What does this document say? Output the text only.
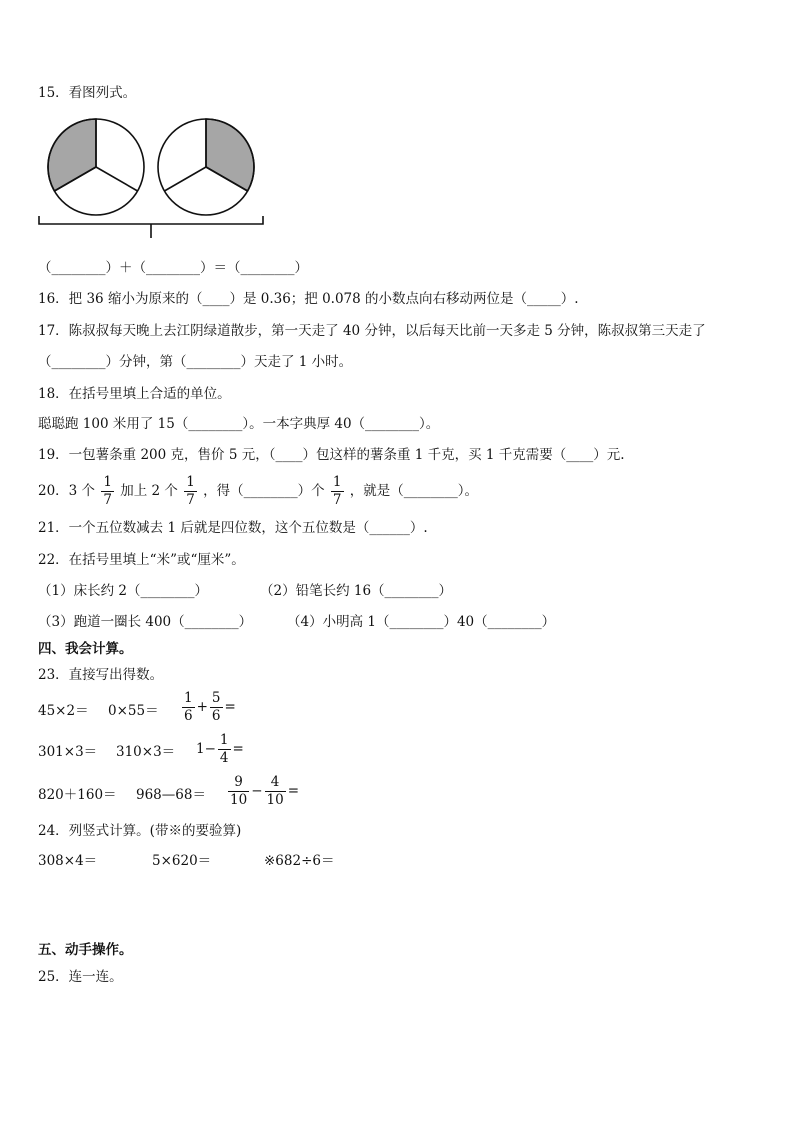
15．看图列式。
（________）＋（________）＝（________）
16．把 36 缩小为原来的（____）是 0.36；把 0.078 的小数点向右移动两位是（_____）.
17．陈叔叔每天晚上去江阴绿道散步，第一天走了 40 分钟，以后每天比前一天多走 5 分钟，陈叔叔第三天走了
（________）分钟，第（________）天走了 1 小时。
18．在括号里填上合适的单位。
聪聪跑 100 米用了 15（________）。一本字典厚 40（________）。
19．一包薯条重 200 克，售价 5 元，（____）包这样的薯条重 1 千克，买 1 千克需要（____）元.
20．3 个 $\frac{1}{7}$ 加上 2 个 $\frac{1}{7}$ ，得（________）个 $\frac{1}{7}$ ，就是（________）。
21．一个五位数减去 1 后就是四位数，这个五位数是（______）.
22．在括号里填上“米”或“厘米”。
（1）床长约 2（________）	（2）铅笔长约 16（________）
（3）跑道一圈长 400（________）	（4）小明高 1（________）40（________）
四、我会计算。
23．直接写出得数。
$45\times 2= 0\times 55= \frac{1}{6} + \frac{5}{6}$ =
$301\times 3= 310\times 3= 1- \frac{1}{4}$ =
820＋160＝ 968—68＝ $\frac{9}{10} - \frac{4}{10}$ =
24．列竖式计算。(带※的要验算)
308×4＝	5×620＝	※682÷6＝
五、动手操作。
25．连一连。
